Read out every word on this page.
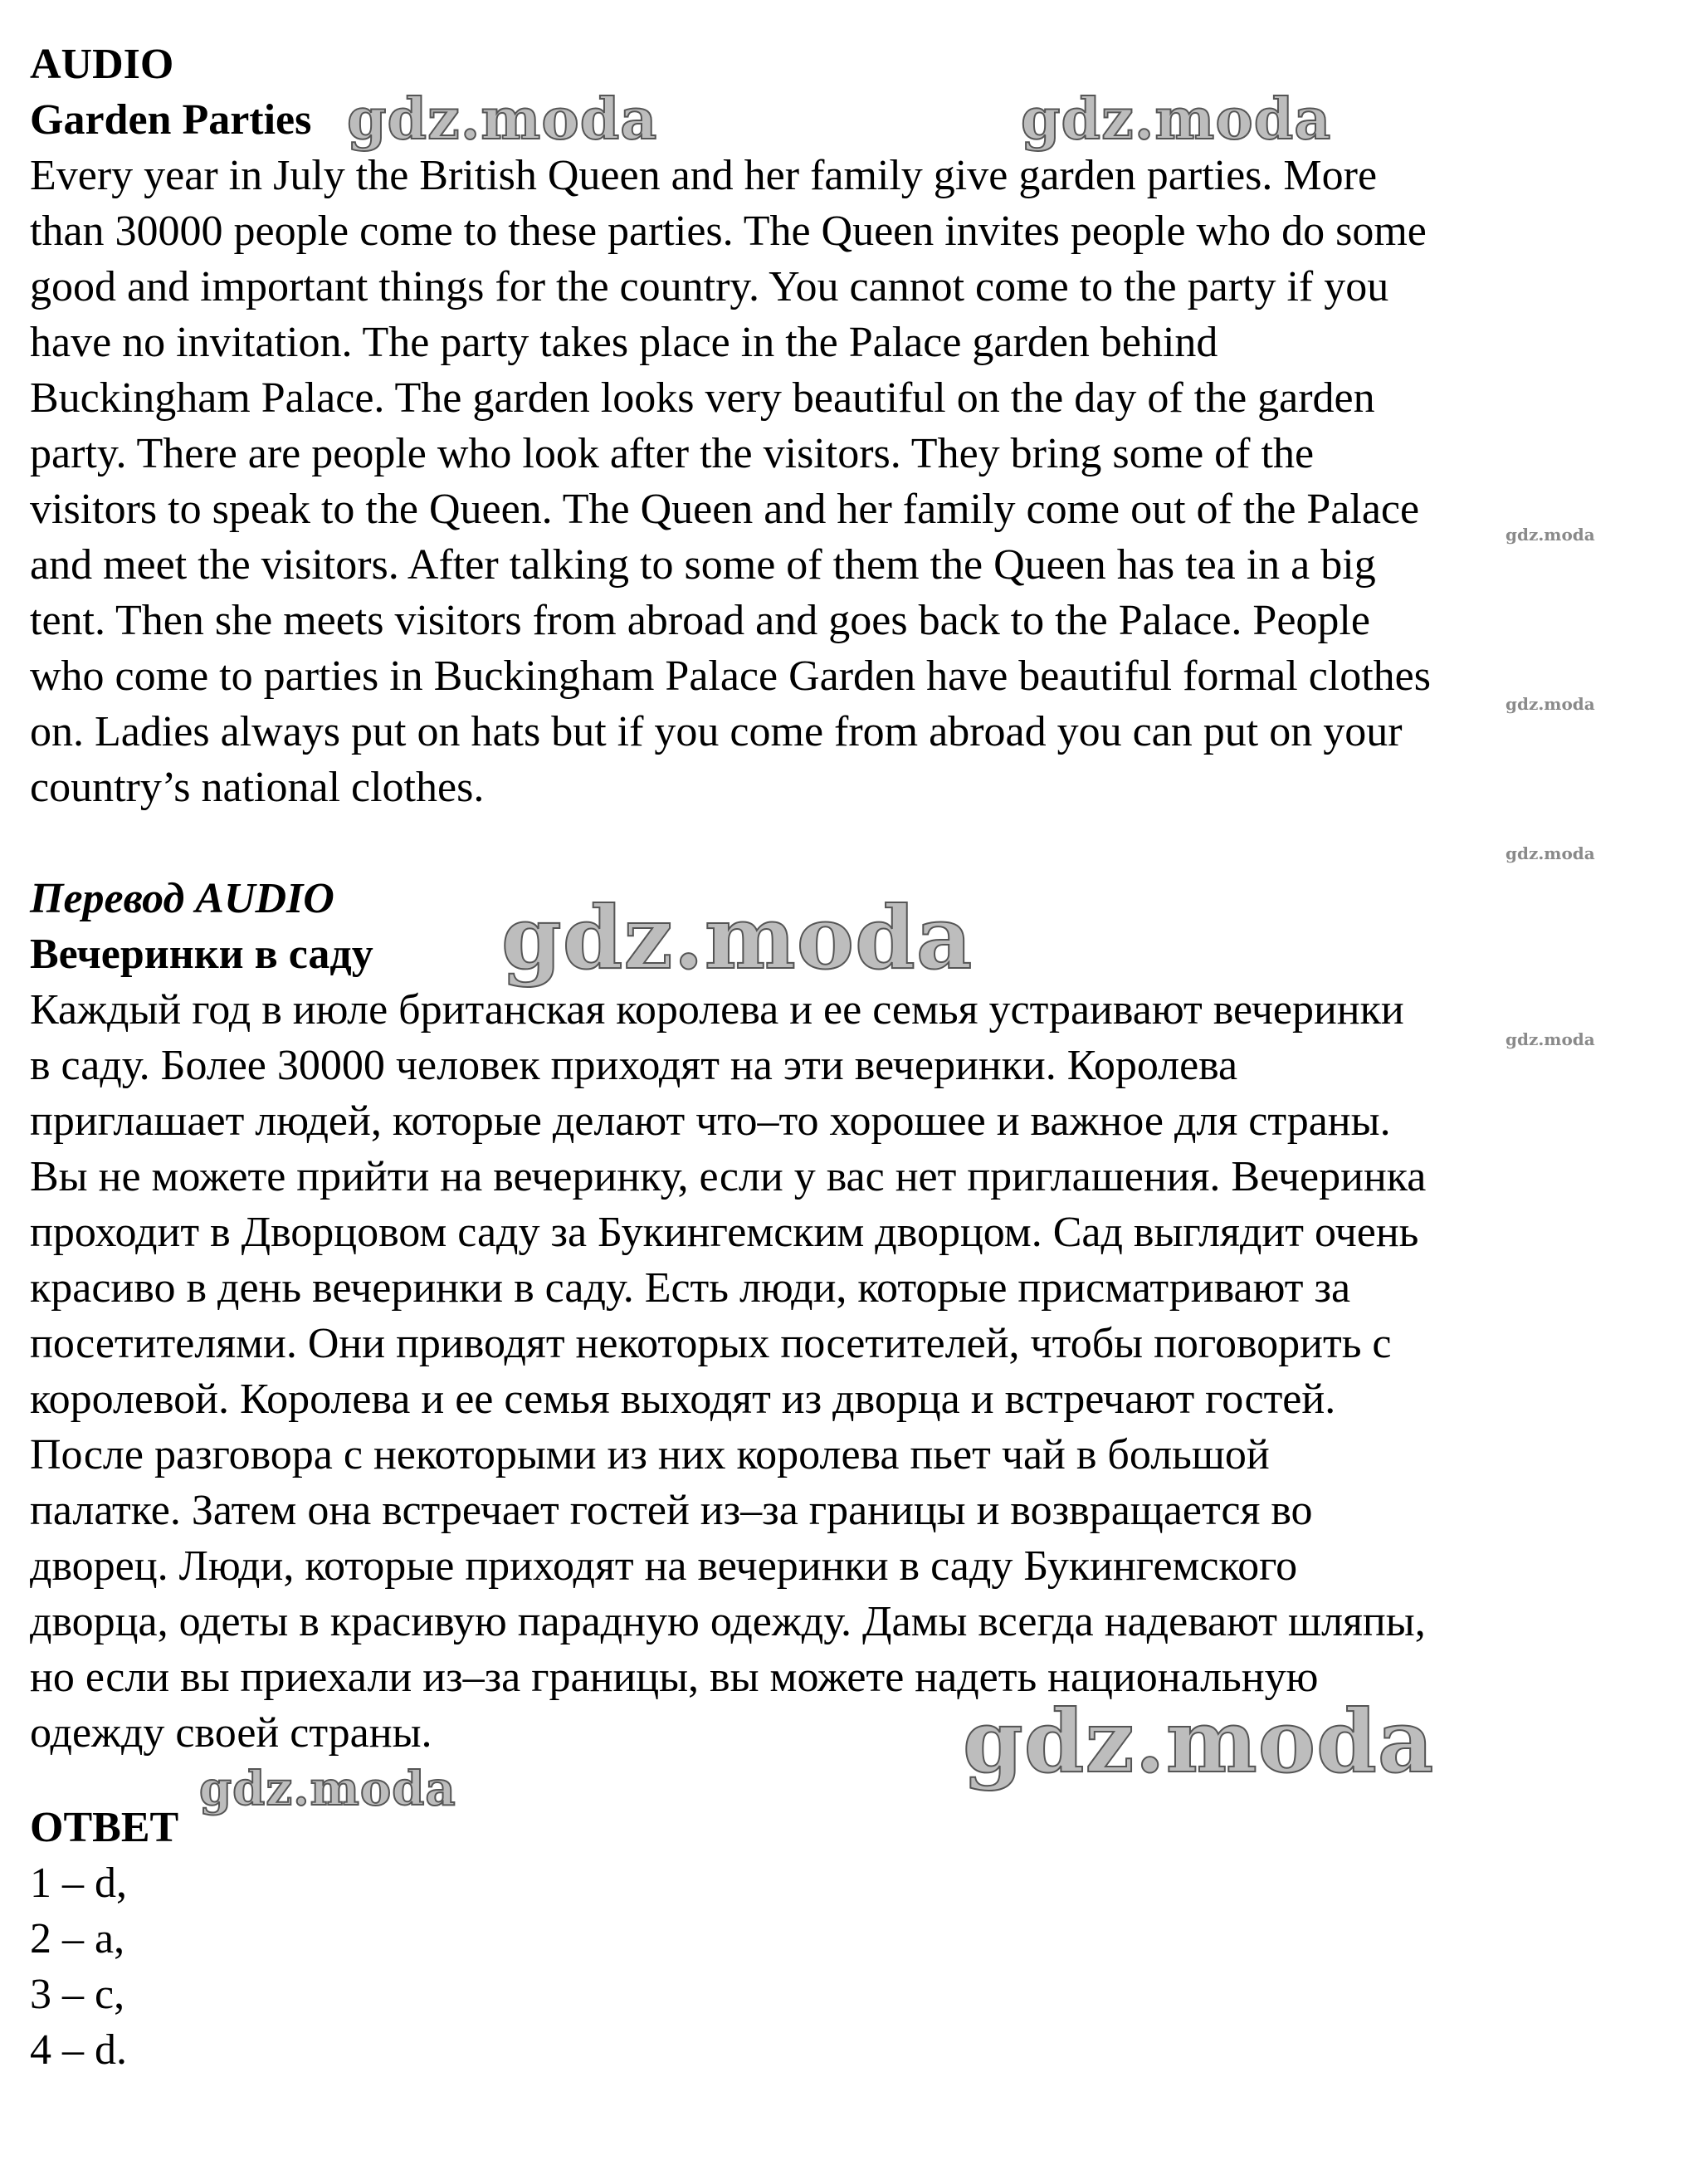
AUDIO

Garden Parties

Every year in July the British Queen and her family give garden parties. More
than 30000 people come to these parties. The Queen invites people who do some
good and important things for the country. You cannot come to the party if you
have no invitation. The party takes place in the Palace garden behind
Buckingham Palace. The garden looks very beautiful on the day of the garden
party. There are people who look after the visitors. They bring some of the
visitors to speak to the Queen. The Queen and her family come out of the Palace
and meet the visitors. After talking to some of them the Queen has tea in a big
tent. Then she meets visitors from abroad and goes back to the Palace. People
who come to parties in Buckingham Palace Garden have beautiful formal clothes
on. Ladies always put on hats but if you come from abroad you can put on your
country’s national clothes.

Перевод AUDIO

Вечеринки в саду

Каждый год в июле британская королева и ее семья устраивают вечеринки
в саду. Более 30000 человек приходят на эти вечеринки. Королева
приглашает людей, которые делают что–то хорошее и важное для страны.
Вы не можете прийти на вечеринку, если у вас нет приглашения. Вечеринка
проходит в Дворцовом саду за Букингемским дворцом. Сад выглядит очень
красиво в день вечеринки в саду. Есть люди, которые присматривают за
посетителями. Они приводят некоторых посетителей, чтобы поговорить с
королевой. Королева и ее семья выходят из дворца и встречают гостей.
После разговора с некоторыми из них королева пьет чай в большой
палатке. Затем она встречает гостей из–за границы и возвращается во
дворец. Люди, которые приходят на вечеринки в саду Букингемского
дворца, одеты в красивую парадную одежду. Дамы всегда надевают шляпы,
но если вы приехали из–за границы, вы можете надеть национальную
одежду своей страны.

ОТВЕТ

1 – d,
2 – a,
3 – c,
4 – d.
gdz.moda	gdz.moda
gdz.moda
gdz.moda
gdz.moda
gdz.moda
gdz.moda
gdz.moda
gdz.moda
